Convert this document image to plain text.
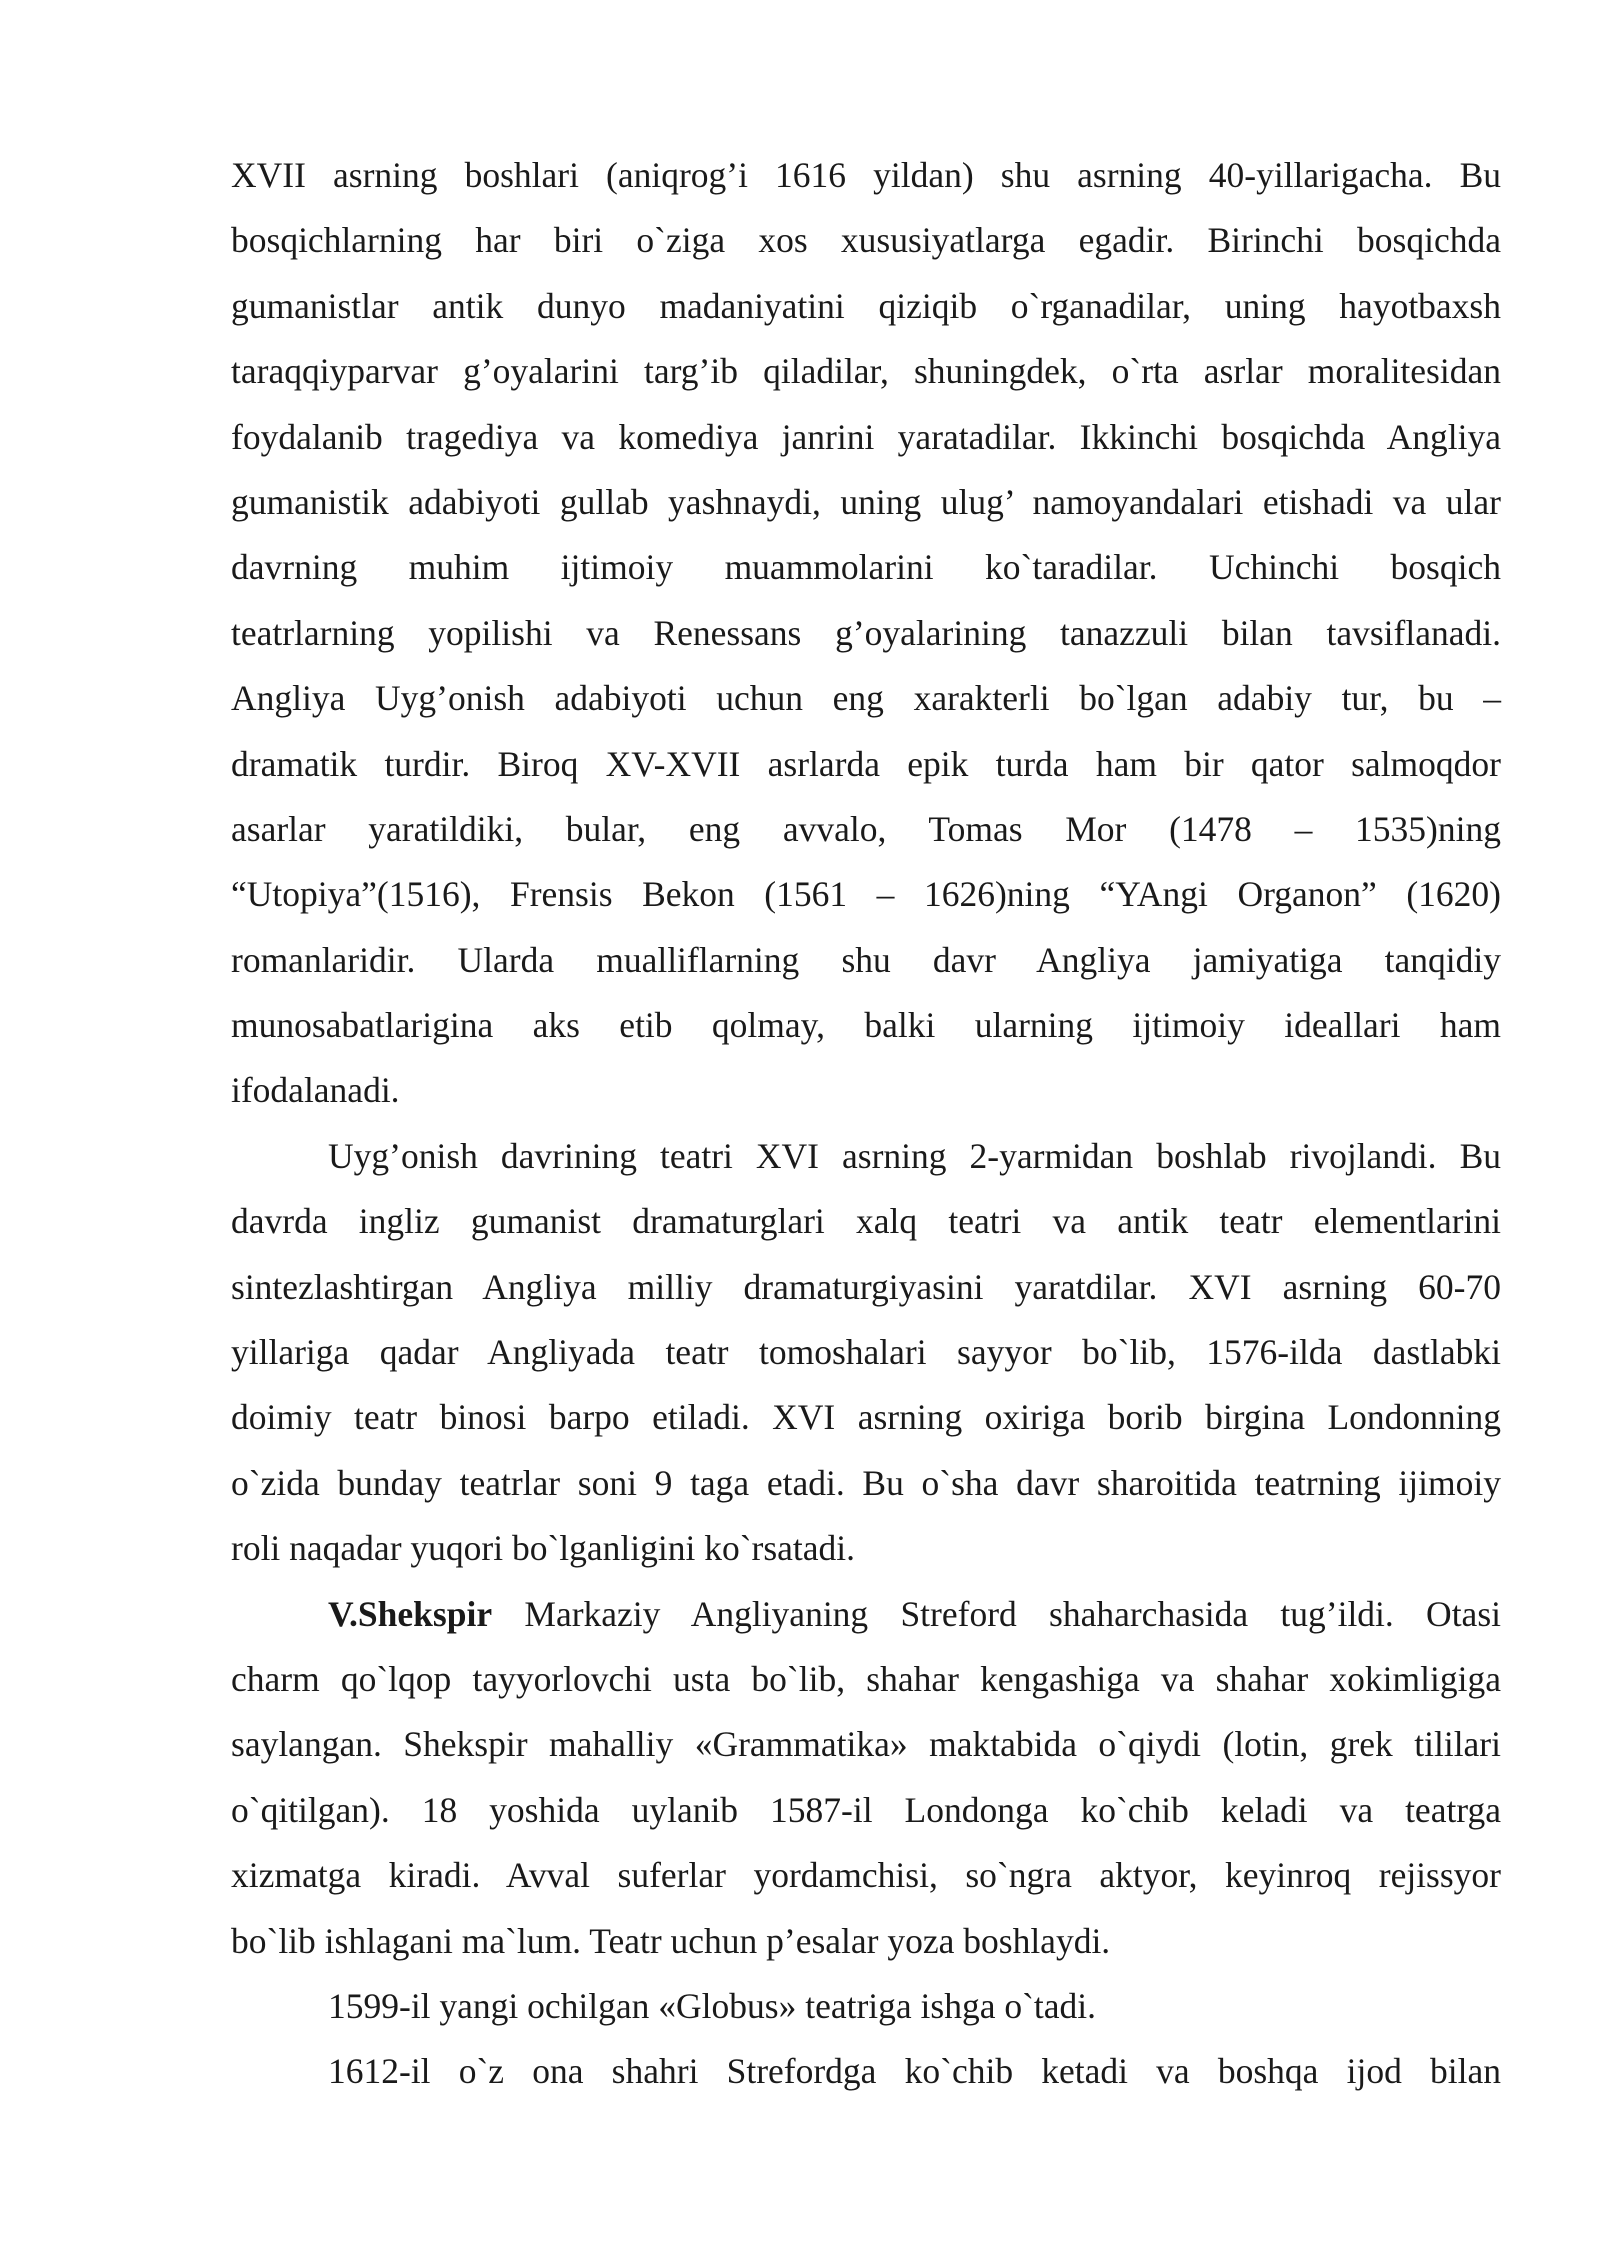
XVII asrning boshlari (aniqrog’i 1616 yildan) shu asrning 40-yillarigacha. Bu
bosqichlarning har biri o`ziga xos xususiyatlarga egadir. Birinchi bosqichda
gumanistlar antik dunyo madaniyatini qiziqib o`rganadilar, uning hayotbaxsh
taraqqiyparvar g’oyalarini targ’ib qiladilar, shuningdek, o`rta asrlar moralitesidan
foydalanib tragediya va komediya janrini yaratadilar. Ikkinchi bosqichda Angliya
gumanistik adabiyoti gullab yashnaydi, uning ulug’ namoyandalari etishadi va ular
davrning muhim ijtimoiy muammolarini ko`taradilar. Uchinchi bosqich
teatrlarning yopilishi va Renessans g’oyalarining tanazzuli bilan tavsiflanadi.
Angliya Uyg’onish adabiyoti uchun eng xarakterli bo`lgan adabiy tur, bu –
dramatik turdir. Biroq XV-XVII asrlarda epik turda ham bir qator salmoqdor
asarlar yaratildiki, bular, eng avvalo, Tomas Mor (1478 – 1535)ning
“Utopiya”(1516), Frensis Bekon (1561 – 1626)ning “YAngi Organon” (1620)
romanlaridir. Ularda mualliflarning shu davr Angliya jamiyatiga tanqidiy
munosabatlarigina aks etib qolmay, balki ularning ijtimoiy ideallari ham
ifodalanadi.
Uyg’onish davrining teatri XVI asrning 2-yarmidan boshlab rivojlandi. Bu
davrda ingliz gumanist dramaturglari xalq teatri va antik teatr elementlarini
sintezlashtirgan Angliya milliy dramaturgiyasini yaratdilar. XVI asrning 60-70
yillariga qadar Angliyada teatr tomoshalari sayyor bo`lib, 1576-ilda dastlabki
doimiy teatr binosi barpo etiladi. XVI asrning oxiriga borib birgina Londonning
o`zida bunday teatrlar soni 9 taga etadi. Bu o`sha davr sharoitida teatrning ijimoiy
roli naqadar yuqori bo`lganligini ko`rsatadi.
V.Shekspir Markaziy Angliyaning Streford shaharchasida tug’ildi. Otasi
charm qo`lqop tayyorlovchi usta bo`lib, shahar kengashiga va shahar xokimligiga
saylangan. Shekspir mahalliy «Grammatika» maktabida o`qiydi (lotin, grek tililari
o`qitilgan). 18 yoshida uylanib 1587-il Londonga ko`chib keladi va teatrga
xizmatga kiradi. Avval suferlar yordamchisi, so`ngra aktyor, keyinroq rejissyor
bo`lib ishlagani ma`lum. Teatr uchun p’esalar yoza boshlaydi.
1599-il yangi ochilgan «Globus» teatriga ishga o`tadi.
1612-il o`z ona shahri Strefordga ko`chib ketadi va boshqa ijod bilan
